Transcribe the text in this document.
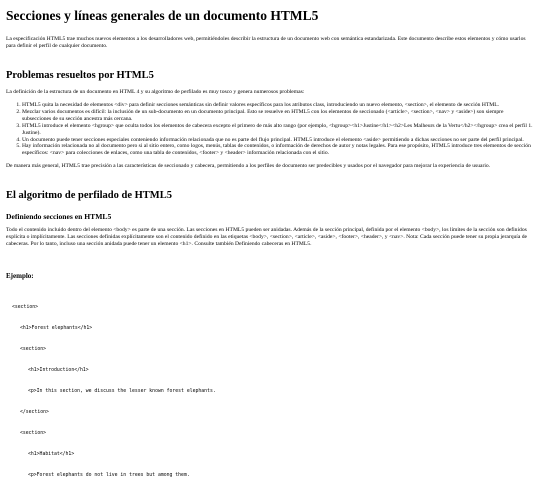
Secciones y líneas generales de un documento HTML5

La especificación HTML5 trae muchos nuevos elementos a los desarrolladores web, permitiéndoles describir la estructura de un documento web con semántica estandarizada. Este documento describe estos elementos y cómo usarlos para definir el perfil de cualquier documento.

Problemas resueltos por HTML5

La definición de la estructura de un documento en HTML 4 y su algoritmo de perfilado es muy tosco y genera numerosos problemas:

1. HTML5 quita la necesidad de elementos <div> para definir secciones semánticas sin definir valores específicos para los atributos class, introduciendo un nuevo elemento, <section>, el elemento de sección HTML.
2. Mezclar varios documentos es difícil: la inclusión de un sub-documento en un documento principal. Esto se resuelve en HTML5 con los elementos de seccionado (<article>, <section>, <nav> y <aside>) son siempre subsecciones de su sección ancestra más cercana.
3. HTML5 introduce el elemento <hgroup> que oculta todos los elementos de cabecera excepto el primero de más alto rango (por ejemplo, <hgroup><h1>Justine</h1><h2>Les Malheurs de la Vertu</h2></hgroup> crea el perfil 1. Justine).
4. Un documento puede tener secciones especiales conteniendo información relacionada que no es parte del flujo principal. HTML5 introduce el elemento <aside> permitiendo a dichas secciones no ser parte del perfil principal.
5. Hay información relacionada no al documento pero si al sitio entero, como logos, menús, tablas de contenidos, o información de derechos de autor y notas legales. Para ese propósito, HTML5 introduce tres elementos de sección específicos: <nav> para colecciones de enlaces, como una tabla de contenidos, <footer> y <header> información relacionada con el sitio.

De manera más general, HTML5 trae precisión a las características de seccionado y cabecera, permitiendo a los perfiles de documento ser predecibles y usados por el navegador para mejorar la experiencia de usuario.

El algoritmo de perfilado de HTML5
Definiendo secciones en HTML5

Todo el contenido incluido dentro del elemento <body> es parte de una sección. Las secciones en HTML5 pueden ser anidadas. Además de la sección principal, definida por el elemento <body>, los límites de la sección son definidos explícita o implícitamente. Las secciones definidas explícitamente son el contenido definido en las etiquetas <body>, <section>, <article>, <aside>, <footer>, <header>, y <nav>. Nota: Cada sección puede tener su propia jerarquía de cabeceras. Por lo tanto, incluso una sección anidada puede tener un elemento <h1>. Consulte también Definiendo cabeceras en HTML5.

Ejemplo:

<section>

<h1>Forest elephants</h1>

<section>

<h1>Introduction</h1>

<p>In this section, we discuss the lesser known forest elephants.

</section>

<section>

<h1>Habitat</h1>

<p>Forest elephants do not live in trees but among them.
